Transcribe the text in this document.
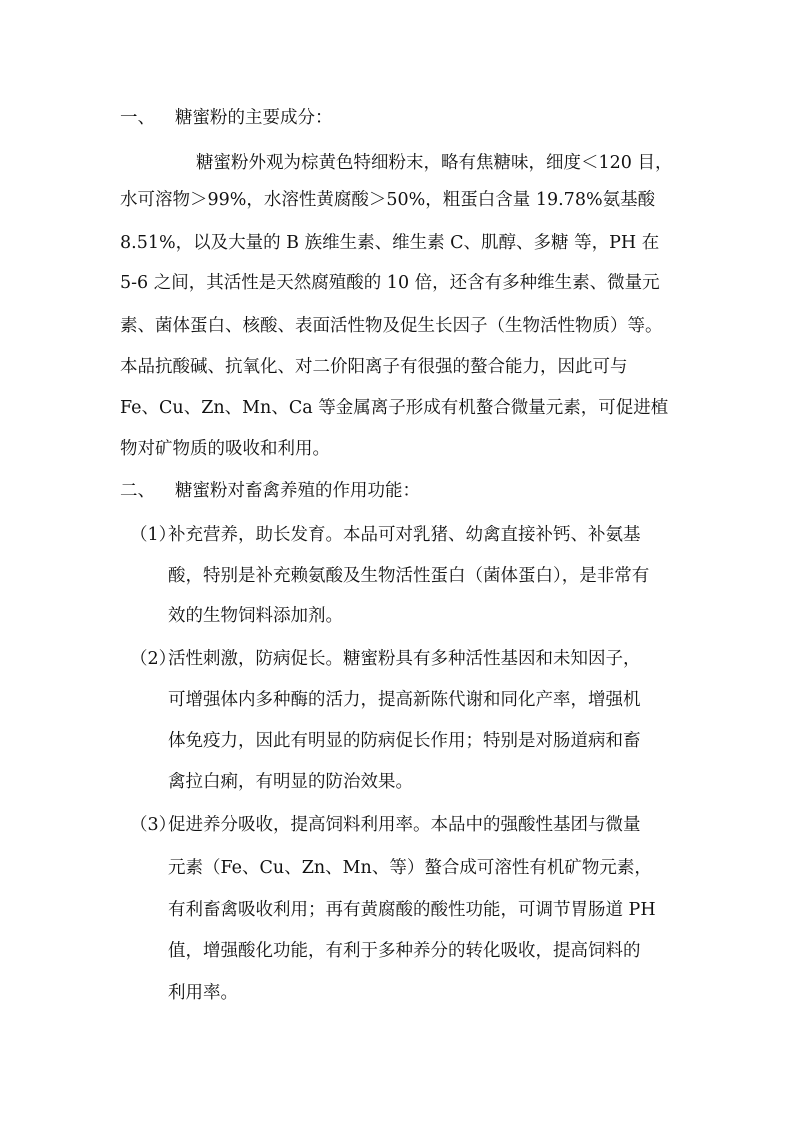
一、 糖蜜粉的主要成分：
糖蜜粉外观为棕黄色特细粉末，略有焦糖味，细度＜120 目，
水可溶物＞99%，水溶性黄腐酸＞50%，粗蛋白含量 19.78%氨基酸
8.51%，以及大量的 B 族维生素、维生素 C、肌醇、多糖 等，PH 在
5-6 之间，其活性是天然腐殖酸的 10 倍，还含有多种维生素、微量元
素、菌体蛋白、核酸、表面活性物及促生长因子（生物活性物质）等。
本品抗酸碱、抗氧化、对二价阳离子有很强的螯合能力，因此可与
Fe、Cu、Zn、Mn、Ca 等金属离子形成有机螯合微量元素，可促进植
物对矿物质的吸收和利用。
二、 糖蜜粉对畜禽养殖的作用功能：
（1）
补充营养，助长发育。本品可对乳猪、幼禽直接补钙、补氨基
酸，特别是补充赖氨酸及生物活性蛋白（菌体蛋白），是非常有
效的生物饲料添加剂。
（2）
活性刺激，防病促长。糖蜜粉具有多种活性基因和未知因子，
可增强体内多种酶的活力，提高新陈代谢和同化产率，增强机
体免疫力，因此有明显的防病促长作用；特别是对肠道病和畜
禽拉白痢，有明显的防治效果。
（3）
促进养分吸收，提高饲料利用率。本品中的强酸性基团与微量
元素（Fe、Cu、Zn、Mn、等）螯合成可溶性有机矿物元素，
有利畜禽吸收利用；再有黄腐酸的酸性功能，可调节胃肠道 PH
值，增强酸化功能，有利于多种养分的转化吸收，提高饲料的
利用率。
